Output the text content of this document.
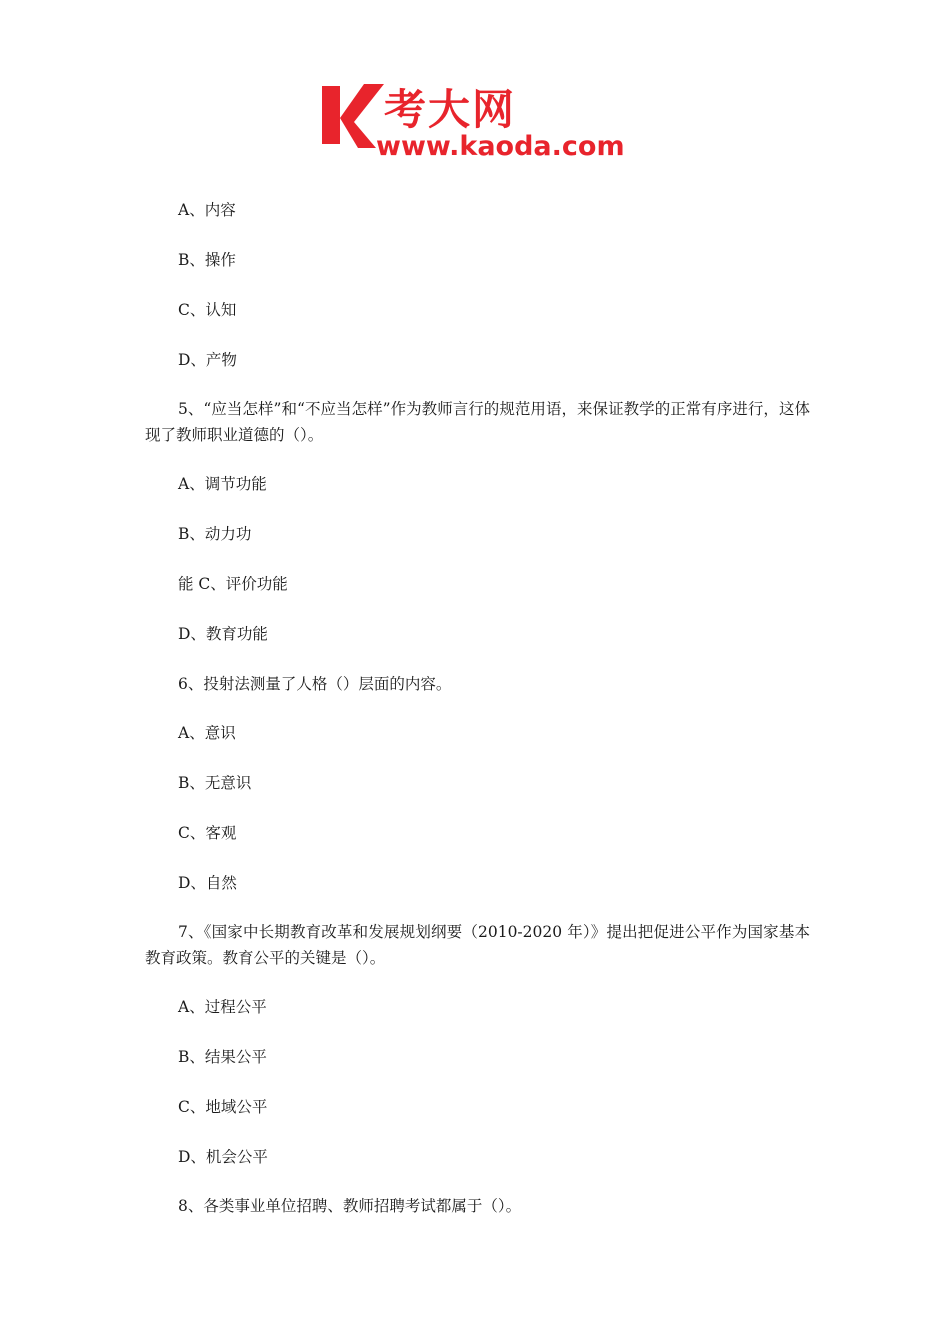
考大网
www.kaoda.com
A、内容
B、操作
C、认知
D、产物
5、“应当怎样”和“不应当怎样”作为教师言行的规范用语，来保证教学的正常有序进行，这体现了教师职业道德的（）。
A、调节功能
B、动力功
能 C、评价功能
D、教育功能
6、投射法测量了人格（）层面的内容。
A、意识
B、无意识
C、客观
D、自然
7、《国家中长期教育改革和发展规划纲要（2010-2020 年）》提出把促进公平作为国家基本教育政策。教育公平的关键是（）。
A、过程公平
B、结果公平
C、地域公平
D、机会公平
8、各类事业单位招聘、教师招聘考试都属于（）。
